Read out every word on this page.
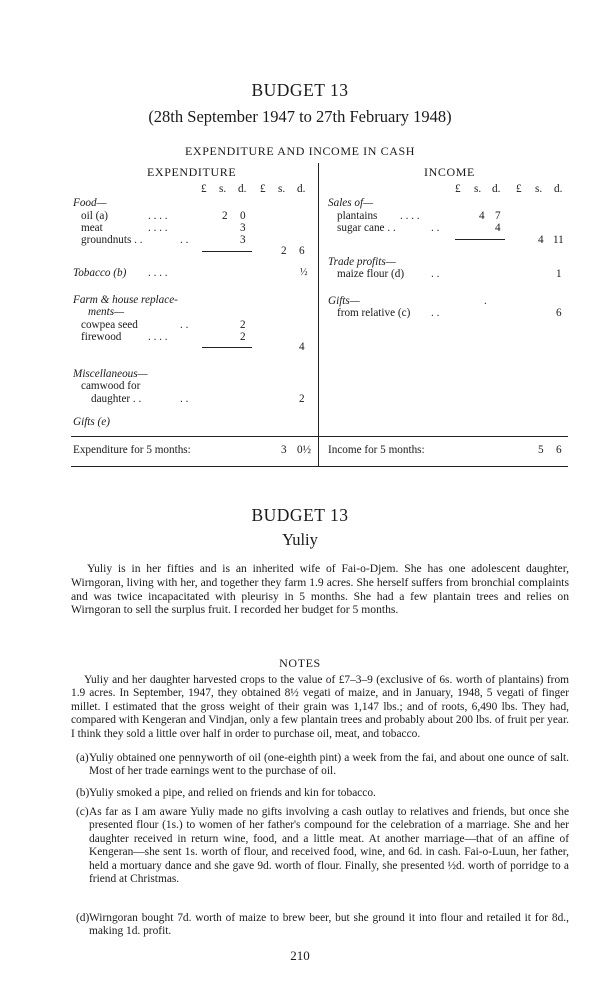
BUDGET 13
(28th September 1947 to 27th February 1948)
EXPENDITURE AND INCOME IN CASH
EXPENDITURE
£ s. d. £ s. d.
Food—
oil (a)	. . . .	2 0
meat	. . . .	3
groundnuts . .	. .	3
2 6
Tobacco (b) . . . .	½
Farm & house replace-
ments—
cowpea seed	. .	2
firewood . . . .	2
4
Miscellaneous—
camwood for
daughter . .	. .	2
Gifts (e)
Expenditure for 5 months:	3 0½
INCOME
£ s. d. £ s. d.
Sales of—
plantains . . . .	4 7
sugar cane . .	. .	4
4 11
Trade profits—
maize flour (d) . .	1
Gifts—	.
from relative (c) . .	6
Income for 5 months:	5 6
BUDGET 13
Yuliy

Yuliy is in her fifties and is an inherited wife of Fai-o-Djem. She has one adolescent daughter, Wirngoran, living with her, and together they farm 1.9 acres. She herself suffers from bronchial complaints and was twice incapacitated with pleurisy in 5 months. She had a few plantain trees and relies on Wirngoran to sell the surplus fruit. I recorded her budget for 5 months.

NOTES

Yuliy and her daughter harvested crops to the value of £7–3–9 (exclusive of 6s. worth of plantains) from 1.9 acres. In September, 1947, they obtained 8½ vegati of maize, and in January, 1948, 5 vegati of finger millet. I estimated that the gross weight of their grain was 1,147 lbs.; and of roots, 6,490 lbs. They had, compared with Kengeran and Vindjan, only a few plantain trees and probably about 200 lbs. of fruit per year. I think they sold a little over half in order to purchase oil, meat, and tobacco.

(a) Yuliy obtained one pennyworth of oil (one-eighth pint) a week from the fai, and about one ounce of salt. Most of her trade earnings went to the purchase of oil.
(b) Yuliy smoked a pipe, and relied on friends and kin for tobacco.
(c) As far as I am aware Yuliy made no gifts involving a cash outlay to relatives and friends, but once she presented flour (1s.) to women of her father's compound for the celebration of a marriage. She and her daughter received in return wine, food, and a little meat. At another marriage—that of an affine of Kengeran—she sent 1s. worth of flour, and received food, wine, and 6d. in cash. Fai-o-Luun, her father, held a mortuary dance and she gave 9d. worth of flour. Finally, she presented ½d. worth of porridge to a friend at Christmas.
(d) Wirngoran bought 7d. worth of maize to brew beer, but she ground it into flour and retailed it for 8d., making 1d. profit.
210
